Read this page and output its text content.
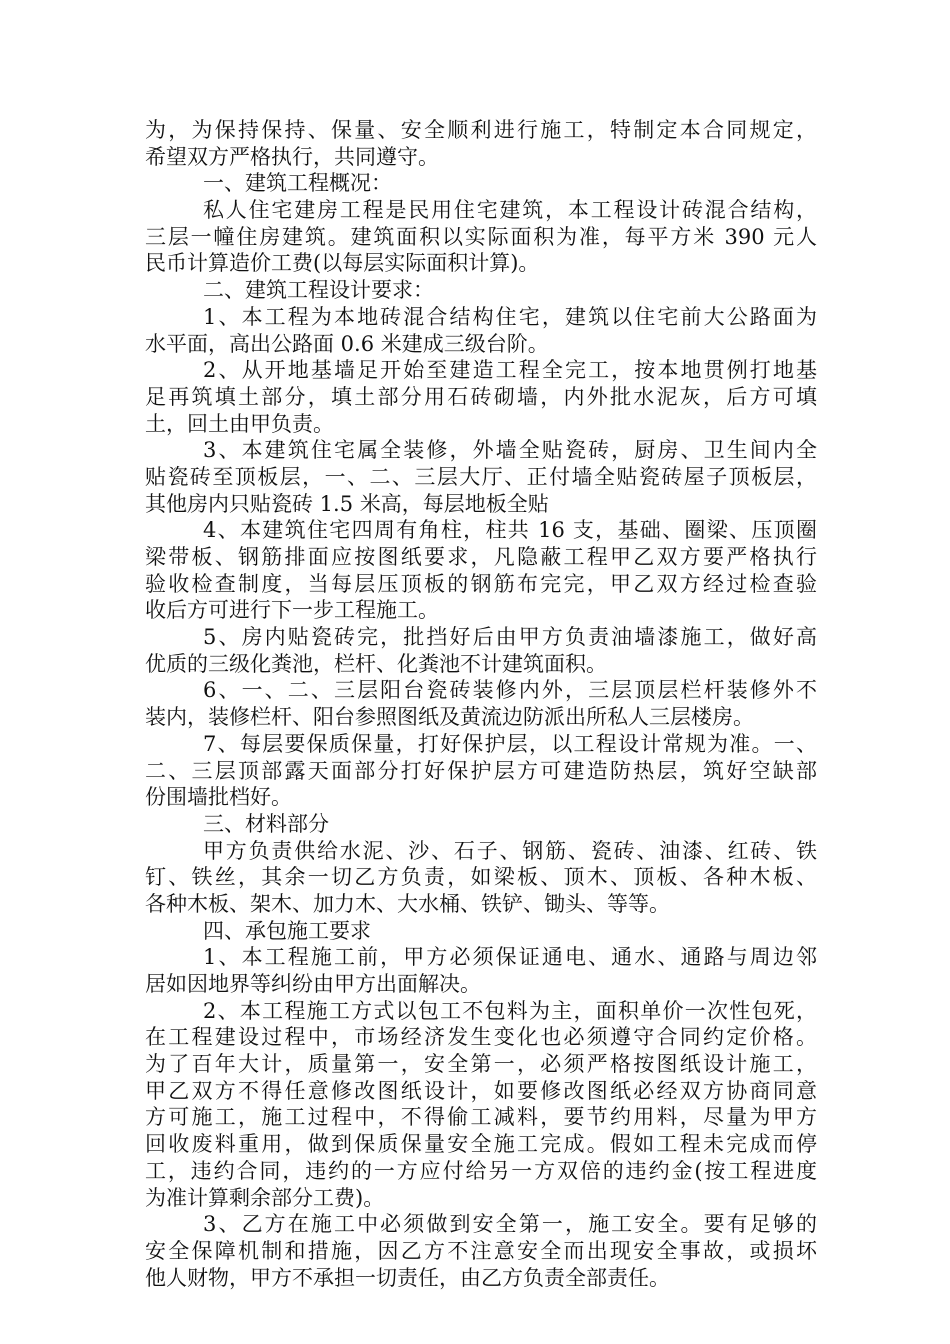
为，为保持保持、保量、安全顺利进行施工，特制定本合同规定，
希望双方严格执行，共同遵守。
一、建筑工程概况：
私人住宅建房工程是民用住宅建筑，本工程设计砖混合结构，
三层一幢住房建筑。建筑面积以实际面积为准，每平方米 390 元人
民币计算造价工费(以每层实际面积计算)。
二、建筑工程设计要求：
1、本工程为本地砖混合结构住宅，建筑以住宅前大公路面为
水平面，高出公路面 0.6 米建成三级台阶。
2、从开地基墙足开始至建造工程全完工，按本地贯例打地基
足再筑填土部分，填土部分用石砖砌墙，内外批水泥灰，后方可填
土，回土由甲负责。
3、本建筑住宅属全装修，外墙全贴瓷砖，厨房、卫生间内全
贴瓷砖至顶板层，一、二、三层大厅、正付墙全贴瓷砖屋子顶板层，
其他房内只贴瓷砖 1.5 米高，每层地板全贴
4、本建筑住宅四周有角柱，柱共 16 支，基础、圈梁、压顶圈
梁带板、钢筋排面应按图纸要求，凡隐蔽工程甲乙双方要严格执行
验收检查制度，当每层压顶板的钢筋布完完，甲乙双方经过检查验
收后方可进行下一步工程施工。
5、房内贴瓷砖完，批挡好后由甲方负责油墙漆施工，做好高
优质的三级化粪池，栏杆、化粪池不计建筑面积。
6、一、二、三层阳台瓷砖装修内外，三层顶层栏杆装修外不
装内，装修栏杆、阳台参照图纸及黄流边防派出所私人三层楼房。
7、每层要保质保量，打好保护层，以工程设计常规为准。一、
二、三层顶部露天面部分打好保护层方可建造防热层，筑好空缺部
份围墙批档好。
三、材料部分
甲方负责供给水泥、沙、石子、钢筋、瓷砖、油漆、红砖、铁
钉、铁丝，其余一切乙方负责，如梁板、顶木、顶板、各种木板、
各种木板、架木、加力木、大水桶、铁铲、锄头、等等。
四、承包施工要求
1、本工程施工前，甲方必须保证通电、通水、通路与周边邻
居如因地界等纠纷由甲方出面解决。
2、本工程施工方式以包工不包料为主，面积单价一次性包死，
在工程建设过程中，市场经济发生变化也必须遵守合同约定价格。
为了百年大计，质量第一，安全第一，必须严格按图纸设计施工，
甲乙双方不得任意修改图纸设计，如要修改图纸必经双方协商同意
方可施工，施工过程中，不得偷工减料，要节约用料，尽量为甲方
回收废料重用，做到保质保量安全施工完成。假如工程未完成而停
工，违约合同，违约的一方应付给另一方双倍的违约金(按工程进度
为准计算剩余部分工费)。
3、乙方在施工中必须做到安全第一，施工安全。要有足够的
安全保障机制和措施，因乙方不注意安全而出现安全事故，或损坏
他人财物，甲方不承担一切责任，由乙方负责全部责任。
